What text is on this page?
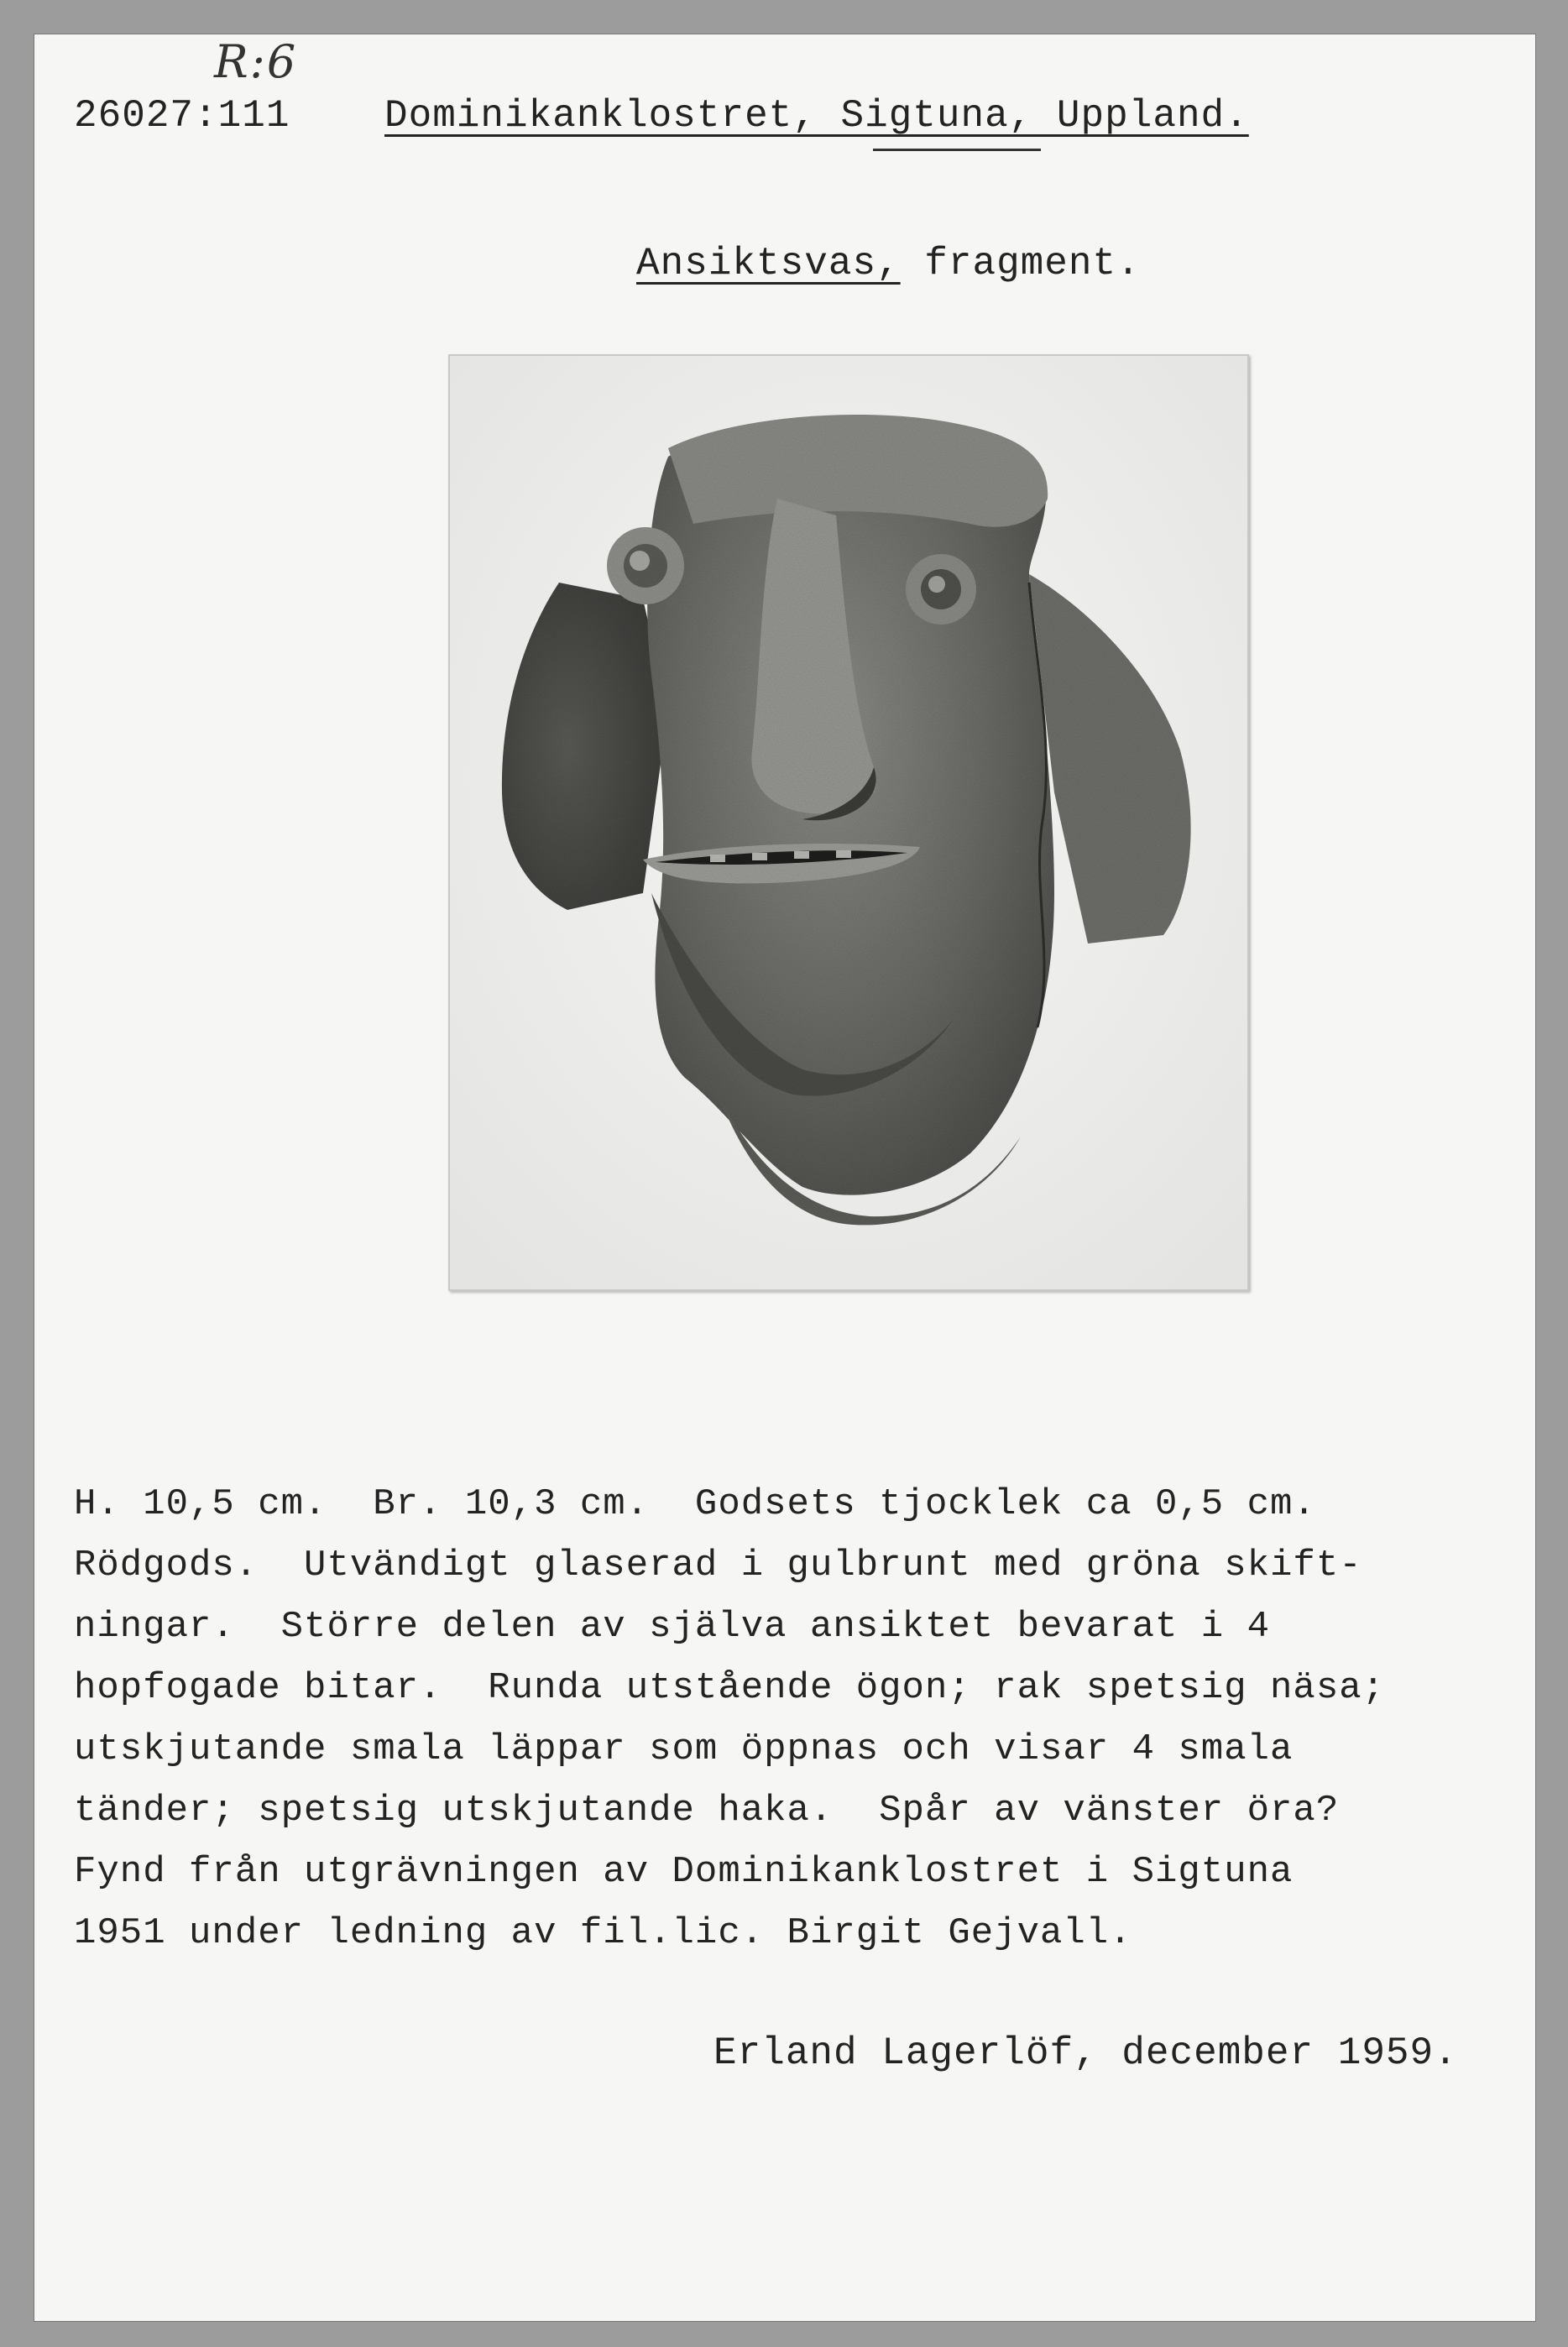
R:6
26027:111 Dominikanklostret, Sigtuna, Uppland.
Ansiktsvas, fragment.
H. 10,5 cm.  Br. 10,3 cm.  Godsets tjocklek ca 0,5 cm.
Rödgods.  Utvändigt glaserad i gulbrunt med gröna skift-
ningar.  Större delen av själva ansiktet bevarat i 4
hopfogade bitar.  Runda utstående ögon; rak spetsig näsa;
utskjutande smala läppar som öppnas och visar 4 smala
tänder; spetsig utskjutande haka.  Spår av vänster öra?
Fynd från utgrävningen av Dominikanklostret i Sigtuna
1951 under ledning av fil.lic. Birgit Gejvall.
Erland Lagerlöf, december 1959.
